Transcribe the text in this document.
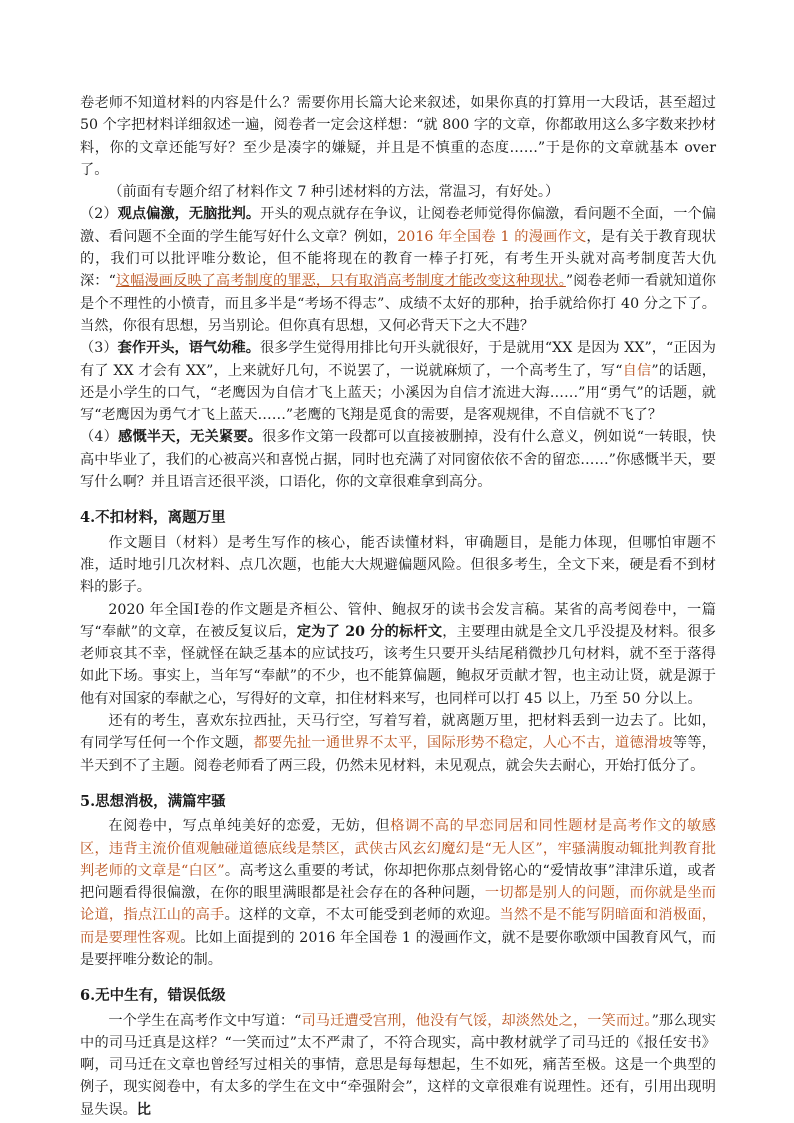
卷老师不知道材料的内容是什么？需要你用长篇大论来叙述，如果你真的打算用一大段话，甚至超过 50 个字把材料详细叙述一遍，阅卷者一定会这样想：“就 800 字的文章，你都敢用这么多字数来抄材料，你的文章还能写好？至少是凑字的嫌疑，并且是不慎重的态度……”于是你的文章就基本 over 了。

（前面有专题介绍了材料作文 7 种引述材料的方法，常温习，有好处。）

（2）观点偏激，无脑批判。开头的观点就存在争议，让阅卷老师觉得你偏激，看问题不全面，一个偏激、看问题不全面的学生能写好什么文章？例如，2016 年全国卷 1 的漫画作文，是有关于教育现状的，我们可以批评唯分数论，但不能将现在的教育一棒子打死，有考生开头就对高考制度苦大仇深：“这幅漫画反映了高考制度的罪恶，只有取消高考制度才能改变这种现状。”阅卷老师一看就知道你是个不理性的小愤青，而且多半是“考场不得志”、成绩不太好的那种，抬手就给你打 40 分之下了。当然，你很有思想，另当别论。但你真有思想，又何必背天下之大不韪？

（3）套作开头，语气幼稚。很多学生觉得用排比句开头就很好，于是就用“XX 是因为 XX”，“正因为有了 XX 才会有 XX”，上来就好几句，不说罢了，一说就麻烦了，一个高考生了，写“自信”的话题，还是小学生的口气，“老鹰因为自信才飞上蓝天；小溪因为自信才流进大海……”用“勇气”的话题，就写“老鹰因为勇气才飞上蓝天……”老鹰的飞翔是觅食的需要，是客观规律，不自信就不飞了？

（4）感慨半天，无关紧要。很多作文第一段都可以直接被删掉，没有什么意义，例如说“一转眼，快高中毕业了，我们的心被高兴和喜悦占据，同时也充满了对同窗依依不舍的留恋……”你感慨半天，要写什么啊？并且语言还很平淡，口语化，你的文章很难拿到高分。

4.不扣材料，离题万里

作文题目（材料）是考生写作的核心，能否读懂材料，审确题目，是能力体现，但哪怕审题不准，适时地引几次材料、点几次题，也能大大规避偏题风险。但很多考生，全文下来，硬是看不到材料的影子。

2020 年全国Ⅰ卷的作文题是齐桓公、管仲、鲍叔牙的读书会发言稿。某省的高考阅卷中，一篇写“奉献”的文章，在被反复议后，定为了 20 分的标杆文，主要理由就是全文几乎没提及材料。很多老师哀其不幸，怪就怪在缺乏基本的应试技巧，该考生只要开头结尾稍微抄几句材料，就不至于落得如此下场。事实上，当年写“奉献”的不少，也不能算偏题，鲍叔牙贡献才智，也主动让贤，就是源于他有对国家的奉献之心，写得好的文章，扣住材料来写，也同样可以打 45 以上，乃至 50 分以上。

还有的考生，喜欢东拉西扯，天马行空，写着写着，就离题万里，把材料丢到一边去了。比如，有同学写任何一个作文题，都要先扯一通世界不太平，国际形势不稳定，人心不古，道德滑坡等等，半天到不了主题。阅卷老师看了两三段，仍然未见材料，未见观点，就会失去耐心，开始打低分了。

5.思想消极，满篇牢骚

在阅卷中，写点单纯美好的恋爱，无妨，但格调不高的早恋同居和同性题材是高考作文的敏感区，违背主流价值观触碰道德底线是禁区，武侠古风玄幻魔幻是“无人区”，牢骚满腹动辄批判教育批判老师的文章是“白区”。高考这么重要的考试，你却把你那点刻骨铭心的“爱情故事”津津乐道，或者把问题看得很偏激，在你的眼里满眼都是社会存在的各种问题，一切都是别人的问题，而你就是坐而论道，指点江山的高手。这样的文章，不太可能受到老师的欢迎。当然不是不能写阴暗面和消极面，而是要理性客观。比如上面提到的 2016 年全国卷 1 的漫画作文，就不是要你歌颂中国教育风气，而是要抨唯分数论的制。

6.无中生有，错误低级

一个学生在高考作文中写道：“司马迁遭受宫刑，他没有气馁，却淡然处之，一笑而过。”那么现实中的司马迁真是这样？“一笑而过”太不严肃了，不符合现实，高中教材就学了司马迁的《报任安书》啊，司马迁在文章也曾经写过相关的事情，意思是每每想起，生不如死，痛苦至极。这是一个典型的例子，现实阅卷中，有太多的学生在文中“牵强附会”，这样的文章很难有说理性。还有，引用出现明显失误。比
